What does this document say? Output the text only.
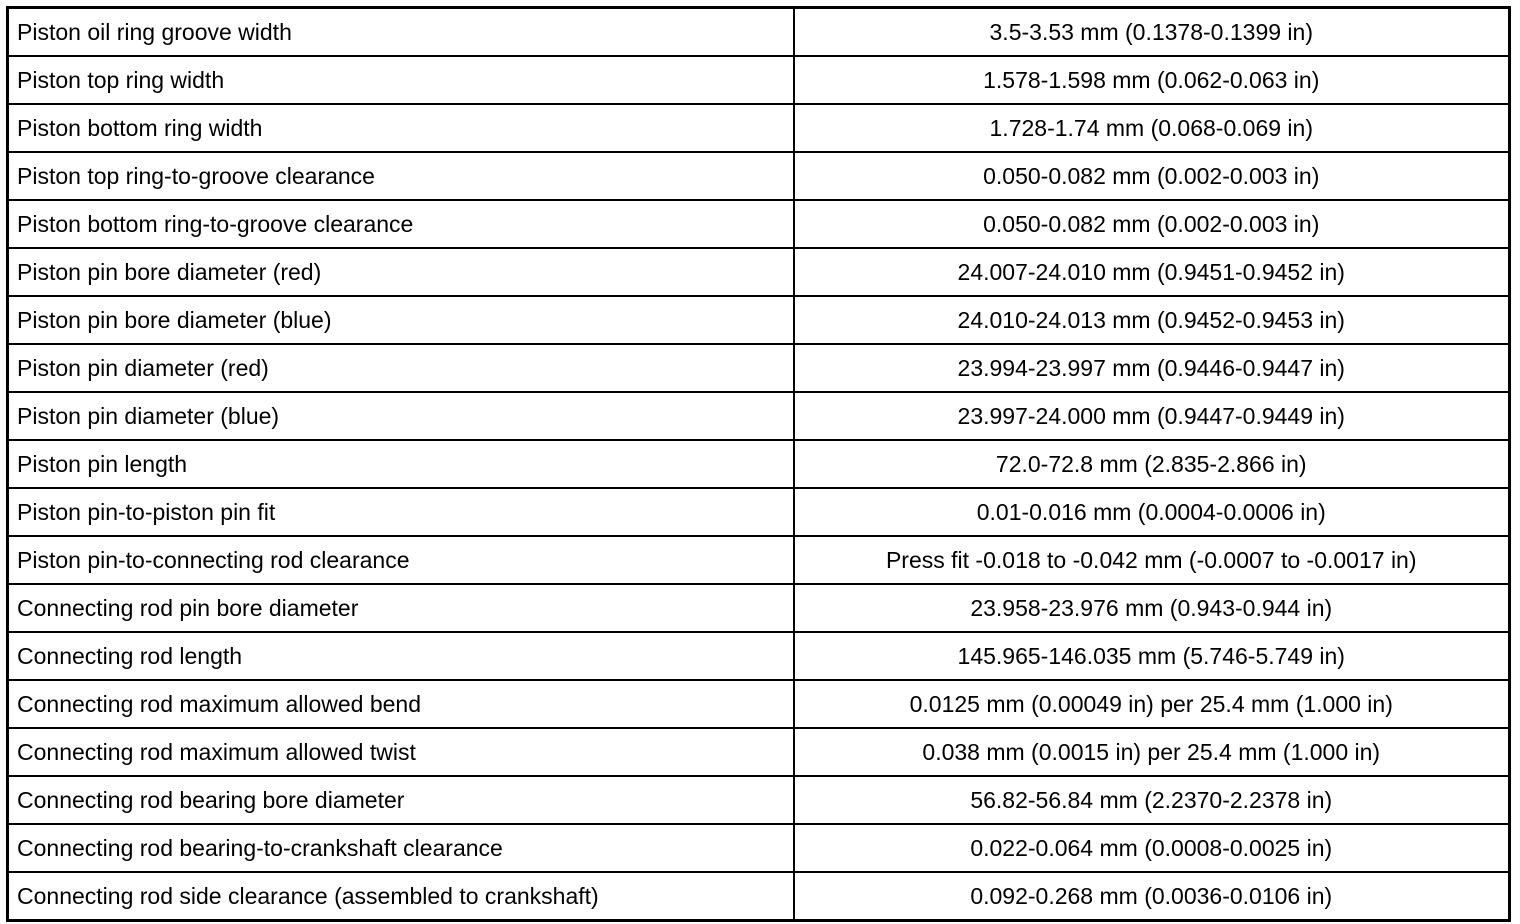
Piston oil ring groove width	3.5-3.53 mm (0.1378-0.1399 in)
Piston top ring width	1.578-1.598 mm (0.062-0.063 in)
Piston bottom ring width	1.728-1.74 mm (0.068-0.069 in)
Piston top ring-to-groove clearance	0.050-0.082 mm (0.002-0.003 in)
Piston bottom ring-to-groove clearance	0.050-0.082 mm (0.002-0.003 in)
Piston pin bore diameter (red)	24.007-24.010 mm (0.9451-0.9452 in)
Piston pin bore diameter (blue)	24.010-24.013 mm (0.9452-0.9453 in)
Piston pin diameter (red)	23.994-23.997 mm (0.9446-0.9447 in)
Piston pin diameter (blue)	23.997-24.000 mm (0.9447-0.9449 in)
Piston pin length	72.0-72.8 mm (2.835-2.866 in)
Piston pin-to-piston pin fit	0.01-0.016 mm (0.0004-0.0006 in)
Piston pin-to-connecting rod clearance	Press fit -0.018 to -0.042 mm (-0.0007 to -0.0017 in)
Connecting rod pin bore diameter	23.958-23.976 mm (0.943-0.944 in)
Connecting rod length	145.965-146.035 mm (5.746-5.749 in)
Connecting rod maximum allowed bend	0.0125 mm (0.00049 in) per 25.4 mm (1.000 in)
Connecting rod maximum allowed twist	0.038 mm (0.0015 in) per 25.4 mm (1.000 in)
Connecting rod bearing bore diameter	56.82-56.84 mm (2.2370-2.2378 in)
Connecting rod bearing-to-crankshaft clearance	0.022-0.064 mm (0.0008-0.0025 in)
Connecting rod side clearance (assembled to crankshaft)	0.092-0.268 mm (0.0036-0.0106 in)
